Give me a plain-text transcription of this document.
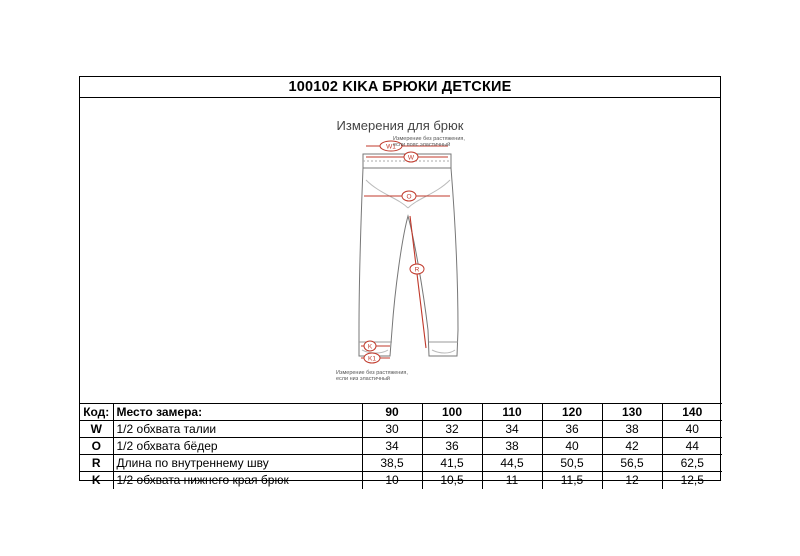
100102 KIKA БРЮКИ ДЕТСКИЕ
Измерения для брюк
W1
W
O
R
K
K1
Измерение без растяжения,
если пояс эластичный
Измерение без растяжения,
если низ эластичный
Код:	Место замера:	90	100	110	120	130	140
W	1/2 обхвата талии	30	32	34	36	38	40
O	1/2 обхвата бёдер	34	36	38	40	42	44
R	Длина по внутреннему шву	38,5	41,5	44,5	50,5	56,5	62,5
K	1/2 обхвата нижнего края брюк	10	10,5	11	11,5	12	12,5
